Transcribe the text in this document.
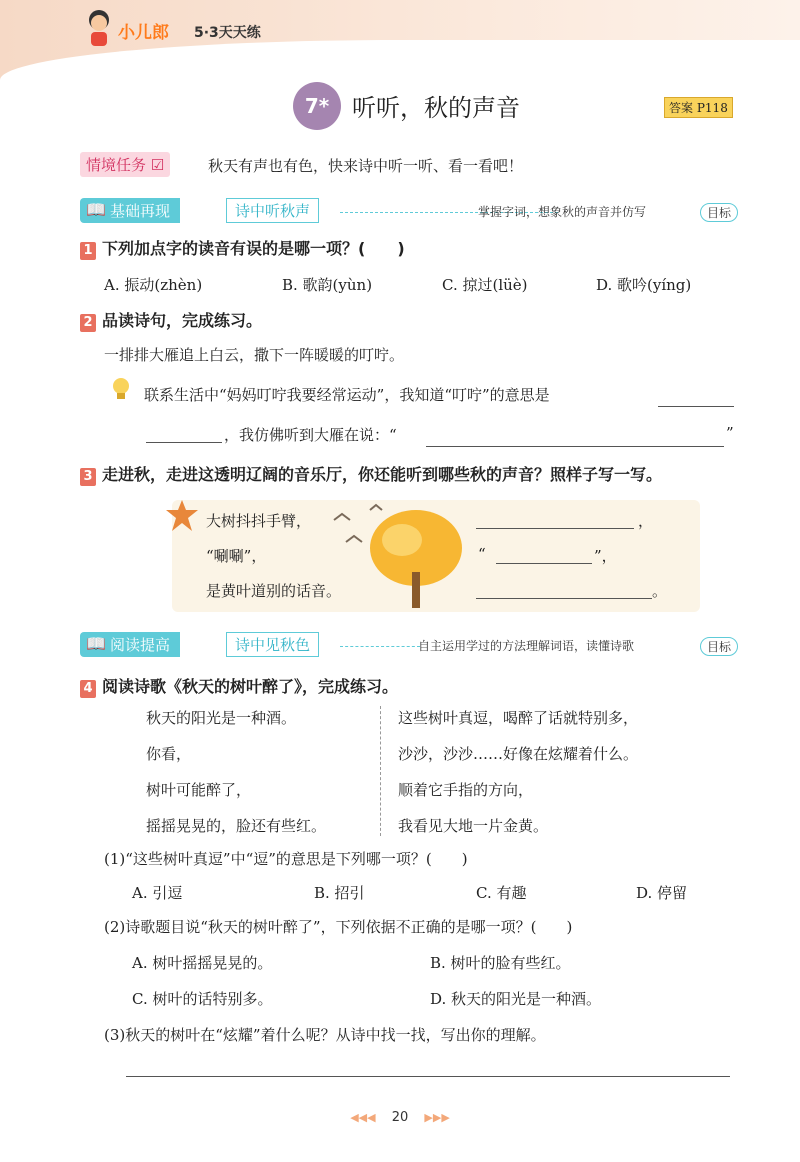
小儿郎 5·3天天练
7* 听听，秋的声音	答案 P118
情境任务 ☑	秋天有声也有色，快来诗中听一听、看一看吧！
📖 基础再现	诗中听秋声	掌握字词，想象秋的声音并仿写	目标
1 下列加点字的读音有误的是哪一项？(　　)
A. 振动(zhèn)	B. 歌韵(yùn)	C. 掠过(lüè)	D. 歌吟(yíng)
2 品读诗句，完成练习。
一排排大雁追上白云，撒下一阵暖暖的叮咛。
联系生活中“妈妈叮咛我要经常运动”，我知道“叮咛”的意思是
，我仿佛听到大雁在说：“	”
3 走进秋，走进这透明辽阔的音乐厅，你还能听到哪些秋的声音？照样子写一写。
大树抖抖手臂，
“唰唰”，
是黄叶道别的话音。
，
“	”，
。
📖 阅读提高	诗中见秋色	自主运用学过的方法理解词语，读懂诗歌	目标
4 阅读诗歌《秋天的树叶醉了》，完成练习。
秋天的阳光是一种酒。
你看，
树叶可能醉了，
摇摇晃晃的，脸还有些红。
这些树叶真逗，喝醉了话就特别多，
沙沙，沙沙……好像在炫耀着什么。
顺着它手指的方向，
我看见大地一片金黄。
(1)“这些树叶真逗”中“逗”的意思是下列哪一项？(　　)
A. 引逗	B. 招引	C. 有趣	D. 停留
(2)诗歌题目说“秋天的树叶醉了”，下列依据不正确的是哪一项？(　　)
A. 树叶摇摇晃晃的。	B. 树叶的脸有些红。
C. 树叶的话特别多。	D. 秋天的阳光是一种酒。
(3)秋天的树叶在“炫耀”着什么呢？从诗中找一找，写出你的理解。
◀◀◀ 20 ▶▶▶
